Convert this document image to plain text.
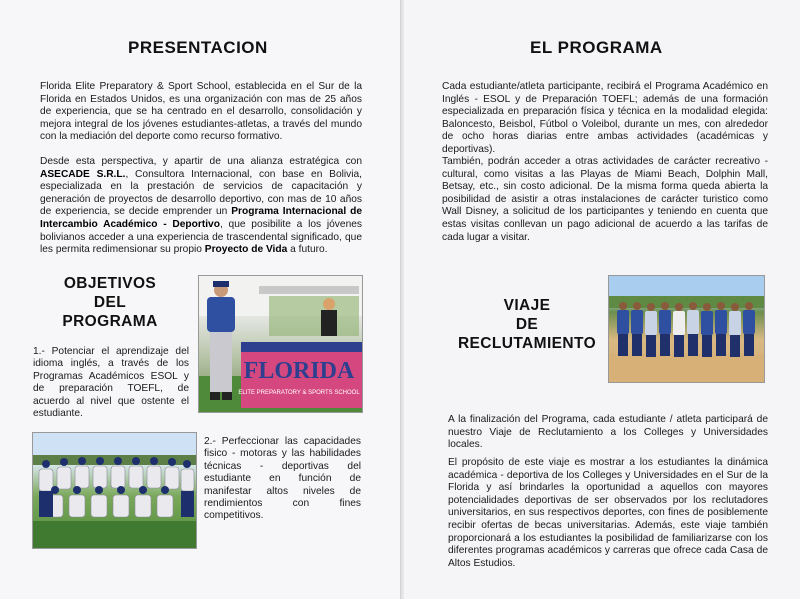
PRESENTACION

Florida Elite Preparatory & Sport School, establecida en el Sur de la Florida en Estados Unidos, es una organización con mas de 25 años de experiencia, que se ha centrado en el desarrollo, consolidación y mejora integral de los jóvenes estudiantes-atletas, a través del mundo con la mediación del deporte como recurso formativo.

Desde esta perspectiva, y apartir de una alianza estratégica con ASECADE S.R.L., Consultora Internacional, con base en Bolivia, especializada en la prestación de servicios de capacitación y generación de proyectos de desarrollo deportivo, con mas de 10 años de experiencia, se decide emprender un Programa Internacional de Intercambio Académico - Deportivo, que posibilite a los jóvenes bolivianos acceder a una experiencia de trascendental significado, que les permita redimensionar su propio Proyecto de Vida a futuro.

OBJETIVOS
DEL
PROGRAMA

1.- Potenciar el aprendizaje del idioma inglés, a través de los Programas Académicos ESOL y de preparación TOEFL, de acuerdo al nivel que ostente el estudiante.

FLORIDA
ELITE PREPARATORY & SPORTS SCHOOL

2.- Perfeccionar las capacidades fisico - motoras y las habilidades técnicas - deportivas del estudiante en función de manifestar altos niveles de rendimientos con fines competitivos.

EL PROGRAMA

Cada estudiante/atleta participante, recibirá el Programa Académico en Inglés - ESOL y de Preparación TOEFL; además de una formación especializada en preparación física y técnica en la modalidad elegida: Baloncesto, Beisbol, Fútbol o Voleibol, durante un mes, con alrededor de ocho horas diarias entre ambas actividades (académicas y deportivas).

También, podrán acceder a otras actividades de carácter recreativo - cultural, como visitas a las Playas de Miami Beach, Dolphin Mall, Betsay, etc., sin costo adicional. De la misma forma queda abierta la posibilidad de asistir a otras instalaciones de carácter turistico como Wall Disney, a solicitud de los participantes y teniendo en cuenta que estas visitas conllevan un pago adicional de acuerdo a las tarifas de cada lugar a visitar.

VIAJE
DE
RECLUTAMIENTO

A la finalización del Programa, cada estudiante / atleta participará de nuestro Viaje de Reclutamiento a los Colleges y Universidades locales.

El propósito de este viaje es mostrar a los estudiantes la dinámica académica - deportiva de los Colleges y Universidades en el Sur de la Florida y así brindarles la oportunidad a aquellos con mayores potencialidades deportivas de ser observados por los reclutadores universitarios, en sus respectivos deportes, con fines de posiblemente recibir ofertas de becas universitarias. Además, este viaje también proporcionará a los estudiantes la posibilidad de familiarizarse con los diferentes programas académicos y carreras que ofrece cada Casa de Altos Estudios.
